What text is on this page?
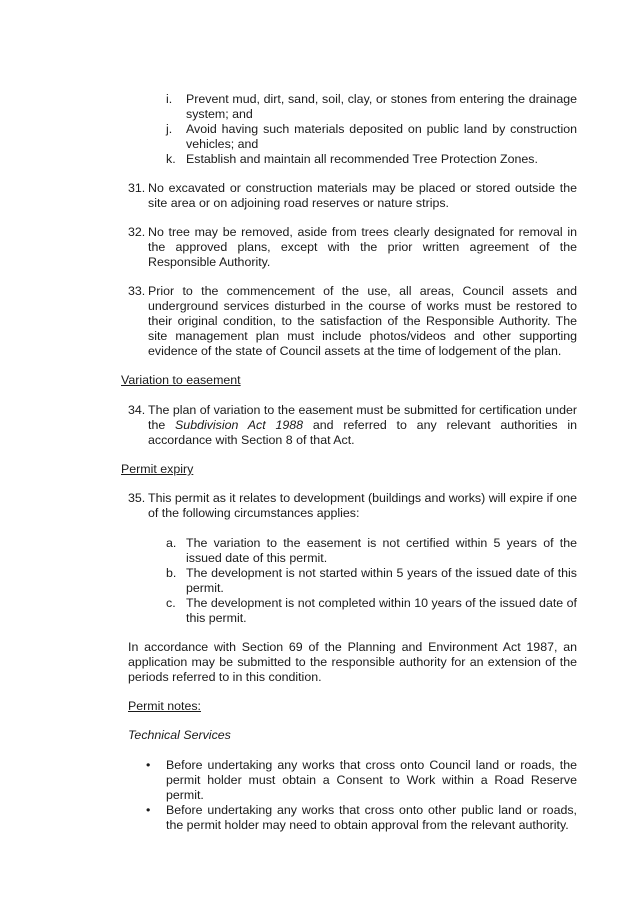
i.	Prevent mud, dirt, sand, soil, clay, or stones from entering the drainage system; and
j.	Avoid having such materials deposited on public land by construction vehicles; and
k. Establish and maintain all recommended Tree Protection Zones.
31. No excavated or construction materials may be placed or stored outside the site area or on adjoining road reserves or nature strips.
32. No tree may be removed, aside from trees clearly designated for removal in the approved plans, except with the prior written agreement of the Responsible Authority.
33. Prior to the commencement of the use, all areas, Council assets and underground services disturbed in the course of works must be restored to their original condition, to the satisfaction of the Responsible Authority. The site management plan must include photos/videos and other supporting evidence of the state of Council assets at the time of lodgement of the plan.
Variation to easement
34. The plan of variation to the easement must be submitted for certification under the Subdivision Act 1988 and referred to any relevant authorities in accordance with Section 8 of that Act.
Permit expiry
35. This permit as it relates to development (buildings and works) will expire if one of the following circumstances applies:
a. The variation to the easement is not certified within 5 years of the issued date of this permit.
b. The development is not started within 5 years of the issued date of this permit.
c. The development is not completed within 10 years of the issued date of this permit.
In accordance with Section 69 of the Planning and Environment Act 1987, an application may be submitted to the responsible authority for an extension of the periods referred to in this condition.
Permit notes:
Technical Services
•	Before undertaking any works that cross onto Council land or roads, the permit holder must obtain a Consent to Work within a Road Reserve permit.
•	Before undertaking any works that cross onto other public land or roads, the permit holder may need to obtain approval from the relevant authority.
